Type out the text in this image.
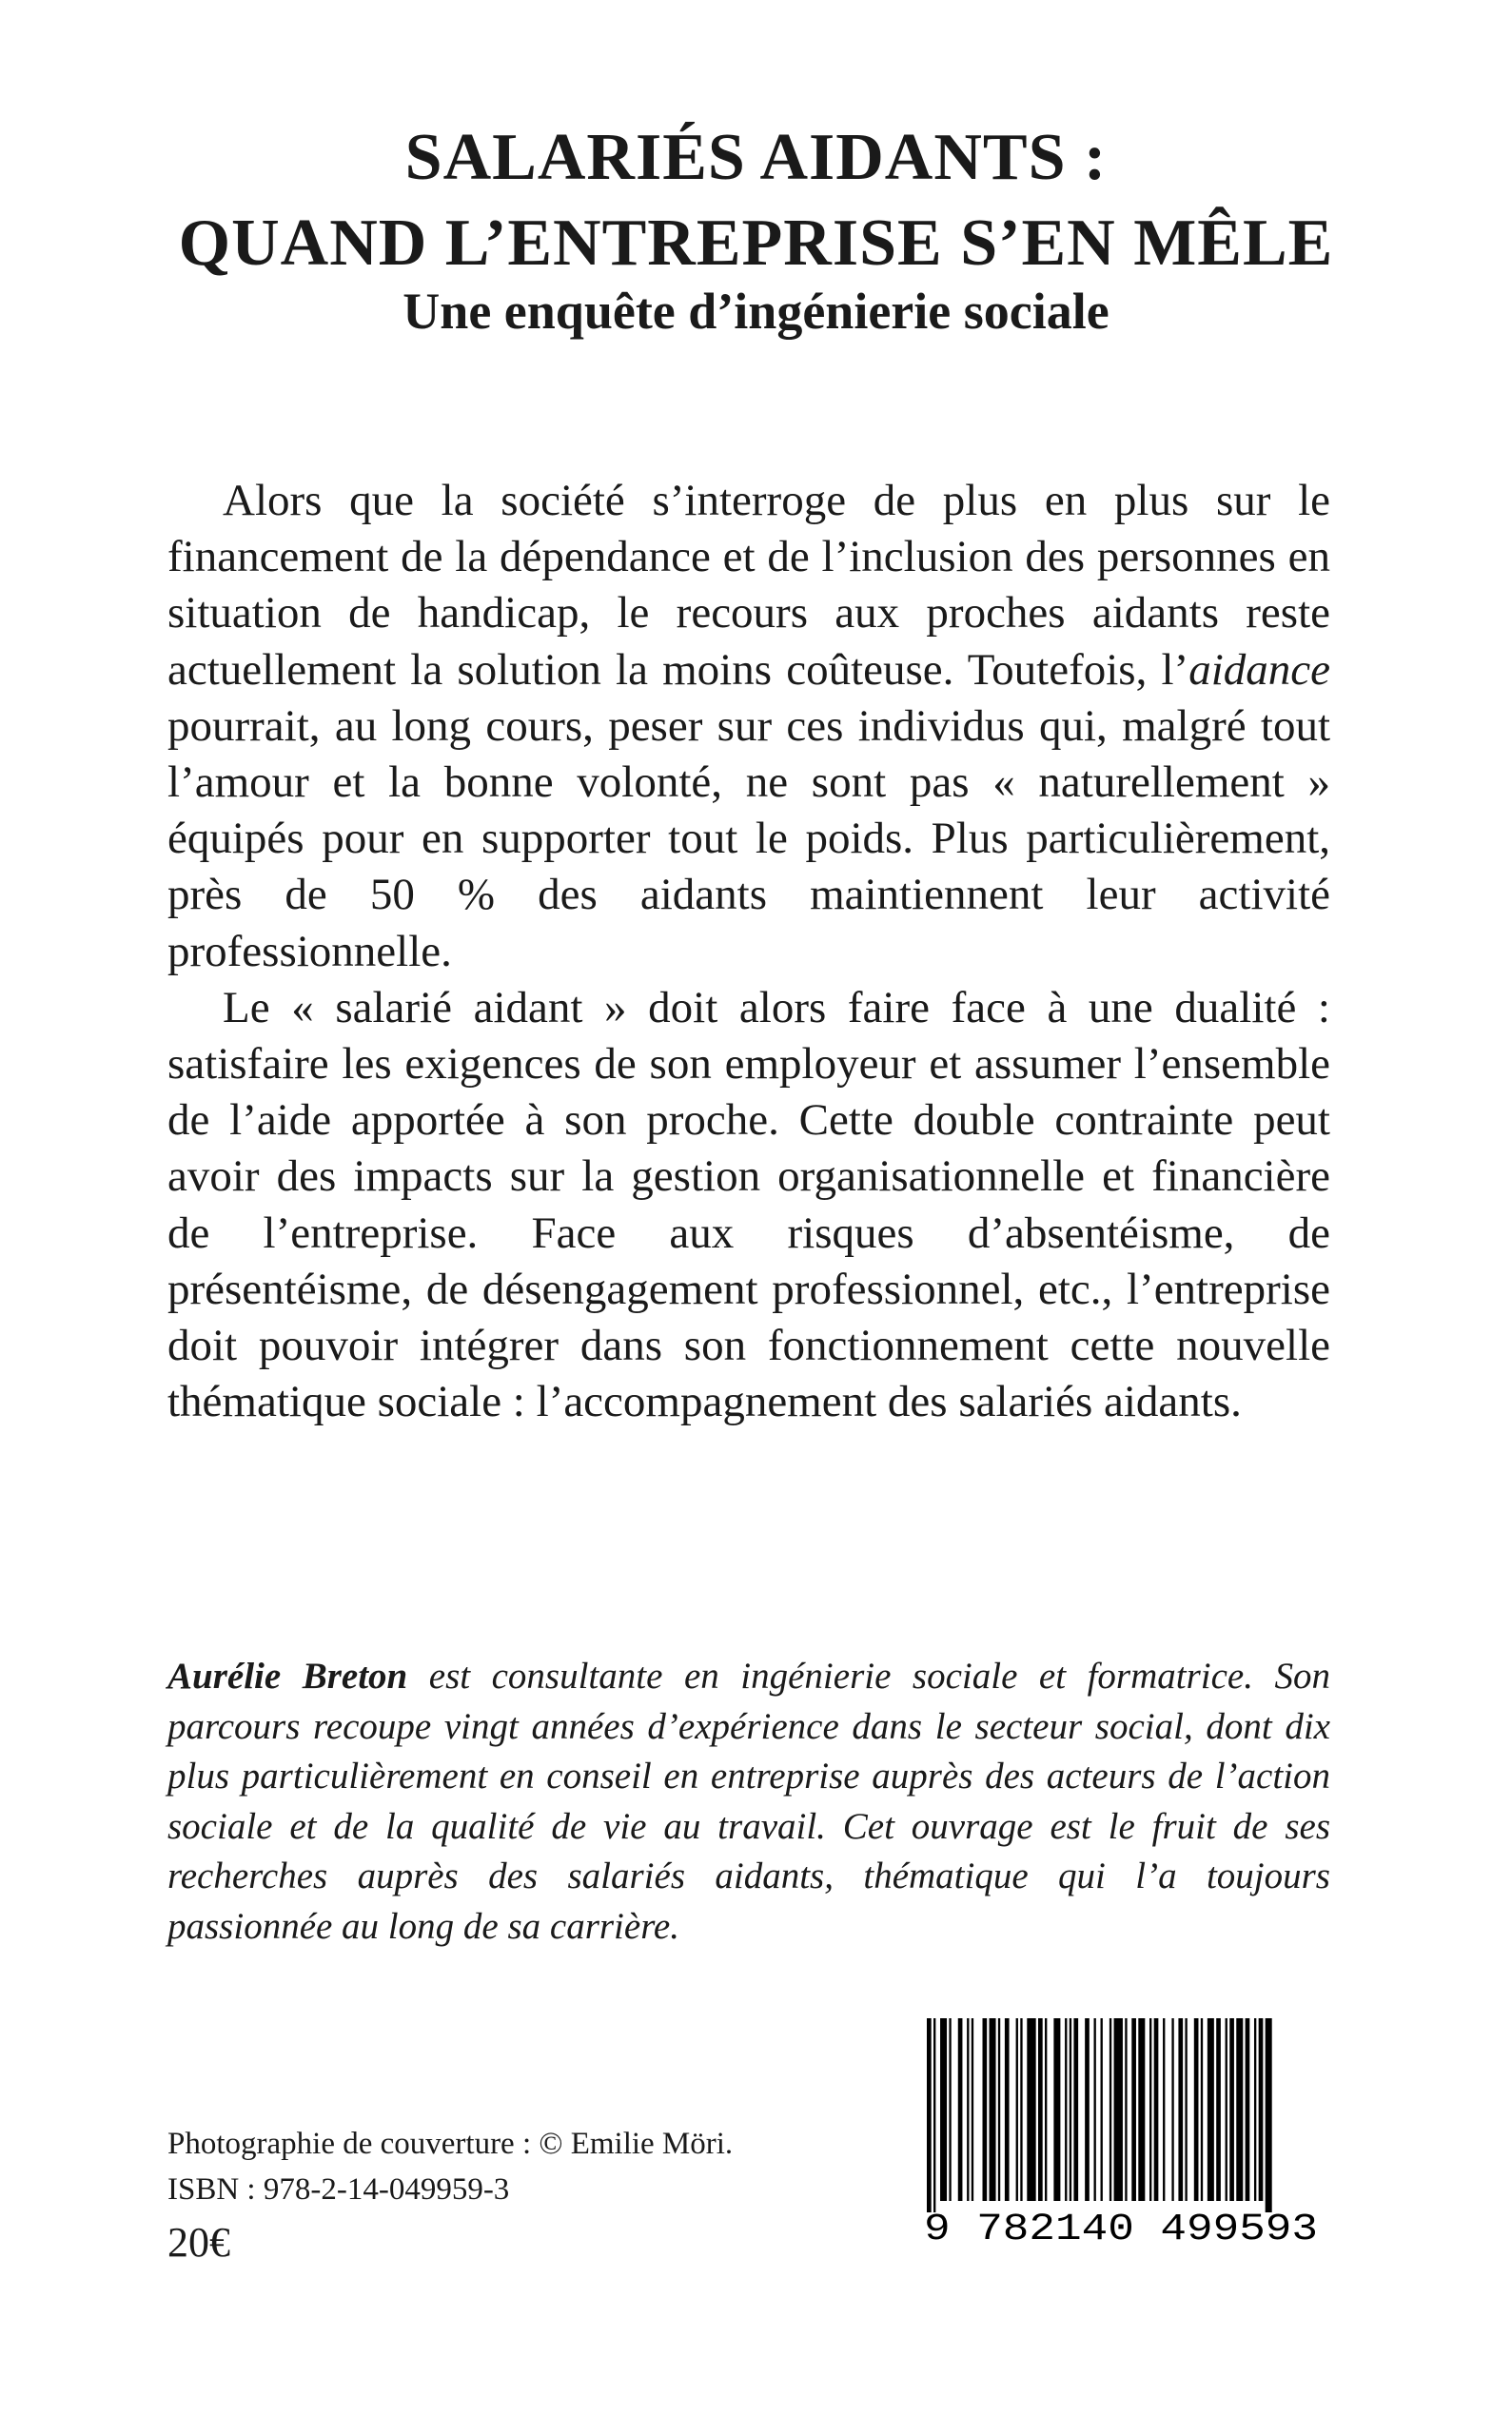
SALARIÉS AIDANTS :
QUAND L’ENTREPRISE S’EN MÊLE
Une enquête d’ingénierie sociale

Alors que la société s’interroge de plus en plus sur le financement de la dépendance et de l’inclusion des personnes en situation de handicap, le recours aux proches aidants reste actuellement la solution la moins coûteuse. Toutefois, l’aidance pourrait, au long cours, peser sur ces individus qui, malgré tout l’amour et la bonne volonté, ne sont pas « naturellement » équipés pour en supporter tout le poids. Plus particulièrement, près de 50 % des aidants maintiennent leur activité professionnelle.

Le « salarié aidant » doit alors faire face à une dualité : satisfaire les exigences de son employeur et assumer l’ensemble de l’aide apportée à son proche. Cette double contrainte peut avoir des impacts sur la gestion organisationnelle et financière de l’entreprise. Face aux risques d’absentéisme, de présentéisme, de désengagement professionnel, etc., l’entreprise doit pouvoir intégrer dans son fonctionnement cette nouvelle thématique sociale : l’accompagnement des salariés aidants.

Aurélie Breton est consultante en ingénierie sociale et formatrice. Son parcours recoupe vingt années d’expérience dans le secteur social, dont dix plus particulièrement en conseil en entreprise auprès des acteurs de l’action sociale et de la qualité de vie au travail. Cet ouvrage est le fruit de ses recherches auprès des salariés aidants, thématique qui l’a toujours passionnée au long de sa carrière.

Photographie de couverture : © Emilie Möri.
ISBN : 978-2-14-049959-3
20€	9 782140 499593
